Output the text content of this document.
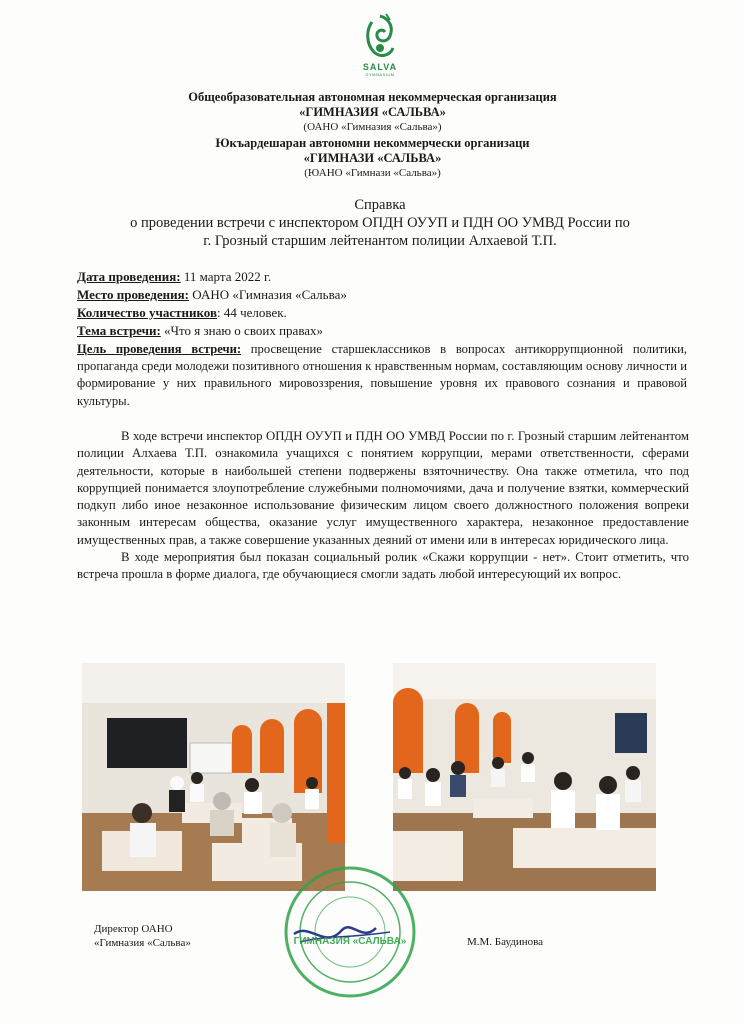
SALVA
GYMNASIUM
Общеобразовательная автономная некоммерческая организация
«ГИМНАЗИЯ «САЛЬВА»
(ОАНО «Гимназия «Сальва»)
Юкъардешаран автономни некоммерчески организаци
«ГИМНАЗИ «САЛЬВА»
(ЮАНО «Гимнази «Сальва»)
Справка
о проведении встречи с инспектором ОПДН ОУУП и ПДН ОО УМВД России по
г. Грозный старшим лейтенантом полиции Алхаевой Т.П.
Дата проведения: 11 марта 2022 г.
Место проведения: ОАНО «Гимназия «Сальва»
Количество участников: 44 человек.
Тема встречи: «Что я знаю о своих правах»
Цель проведения встречи: просвещение старшеклассников в вопросах антикоррупционной политики, пропаганда среди молодежи позитивного отношения к нравственным нормам, составляющим основу личности и формирование у них правильного мировоззрения, повышение уровня их правового сознания и правовой культуры.

В ходе встречи инспектор ОПДН ОУУП и ПДН ОО УМВД России по г. Грозный старшим лейтенантом полиции Алхаева Т.П. ознакомила учащихся с понятием коррупции, мерами ответственности, сферами деятельности, которые в наибольшей степени подвержены взяточничеству. Она также отметила, что под коррупцией понимается злоупотребление служебными полномочиями, дача и получение взятки, коммерческий подкуп либо иное незаконное использование физическим лицом своего должностного положения вопреки законным интересам общества, оказание услуг имущественного характера, незаконное предоставление имущественных прав, а также совершение указанных деяний от имени или в интересах юридического лица.

В ходе мероприятия был показан социальный ролик «Скажи коррупции - нет». Стоит отметить, что встреча прошла в форме диалога, где обучающиеся смогли задать любой интересующий их вопрос.

Директор ОАНО
«Гимназия «Сальва»	ГИМНАЗИЯ «САЛЬВА»	М.М. Баудинова
